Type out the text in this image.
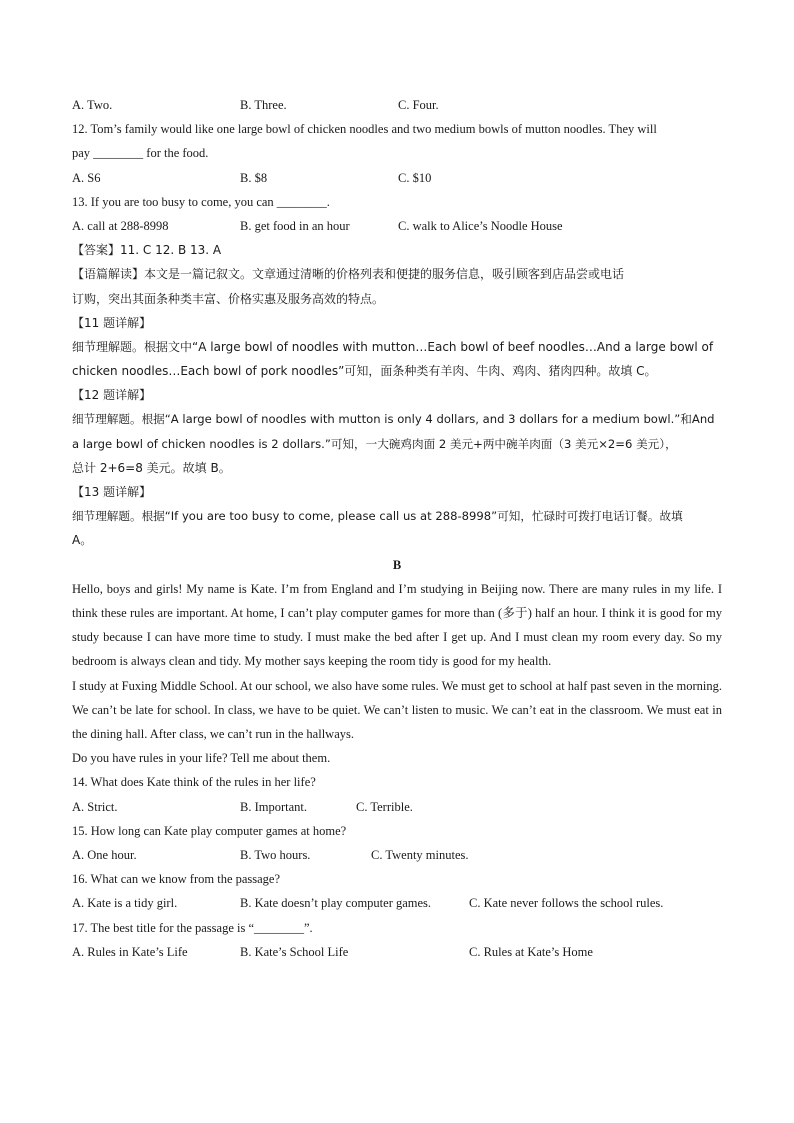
A. Two.	B. Three.	C. Four.
12. Tom’s family would like one large bowl of chicken noodles and two medium bowls of mutton noodles. They will
pay ________ for the food.
A. S6	B. $8	C. $10
13. If you are too busy to come, you can ________.
A. call at 288-8998	B. get food in an hour	C. walk to Alice’s Noodle House
【答案】11. C 12. B 13. A
【语篇解读】本文是一篇记叙文。文章通过清晰的价格列表和便捷的服务信息，吸引顾客到店品尝或电话
订购，突出其面条种类丰富、价格实惠及服务高效的特点。
【11 题详解】
细节理解题。根据文中“A large bowl of noodles with mutton…Each bowl of beef noodles…And a large bowl of
chicken noodles…Each bowl of pork noodles”可知，面条种类有羊肉、牛肉、鸡肉、猪肉四种。故填 C。
【12 题详解】
细节理解题。根据“A large bowl of noodles with mutton is only 4 dollars, and 3 dollars for a medium bowl.”和And
a large bowl of chicken noodles is 2 dollars.”可知，一大碗鸡肉面 2 美元+两中碗羊肉面（3 美元×2=6 美元），
总计 2+6=8 美元。故填 B。
【13 题详解】
细节理解题。根据“If you are too busy to come, please call us at 288-8998”可知，忙碌时可拨打电话订餐。故填
A。
B
Hello, boys and girls! My name is Kate. I’m from England and I’m studying in Beijing now. There are many rules in my life. I think these rules are important. At home, I can’t play computer games for more than (多于) half an hour. I think it is good for my study because I can have more time to study. I must make the bed after I get up. And I must clean my room every day. So my bedroom is always clean and tidy. My mother says keeping the room tidy is good for my health.
I study at Fuxing Middle School. At our school, we also have some rules. We must get to school at half past seven in the morning. We can’t be late for school. In class, we have to be quiet. We can’t listen to music. We can’t eat in the classroom. We must eat in the dining hall. After class, we can’t run in the hallways.
Do you have rules in your life? Tell me about them.
14. What does Kate think of the rules in her life?
A. Strict.	B. Important.	C. Terrible.
15. How long can Kate play computer games at home?
A. One hour.	B. Two hours.	C. Twenty minutes.
16. What can we know from the passage?
A. Kate is a tidy girl.	B. Kate doesn’t play computer games.	C. Kate never follows the school rules.
17. The best title for the passage is “________”.
A. Rules in Kate’s Life	B. Kate’s School Life	C. Rules at Kate’s Home
